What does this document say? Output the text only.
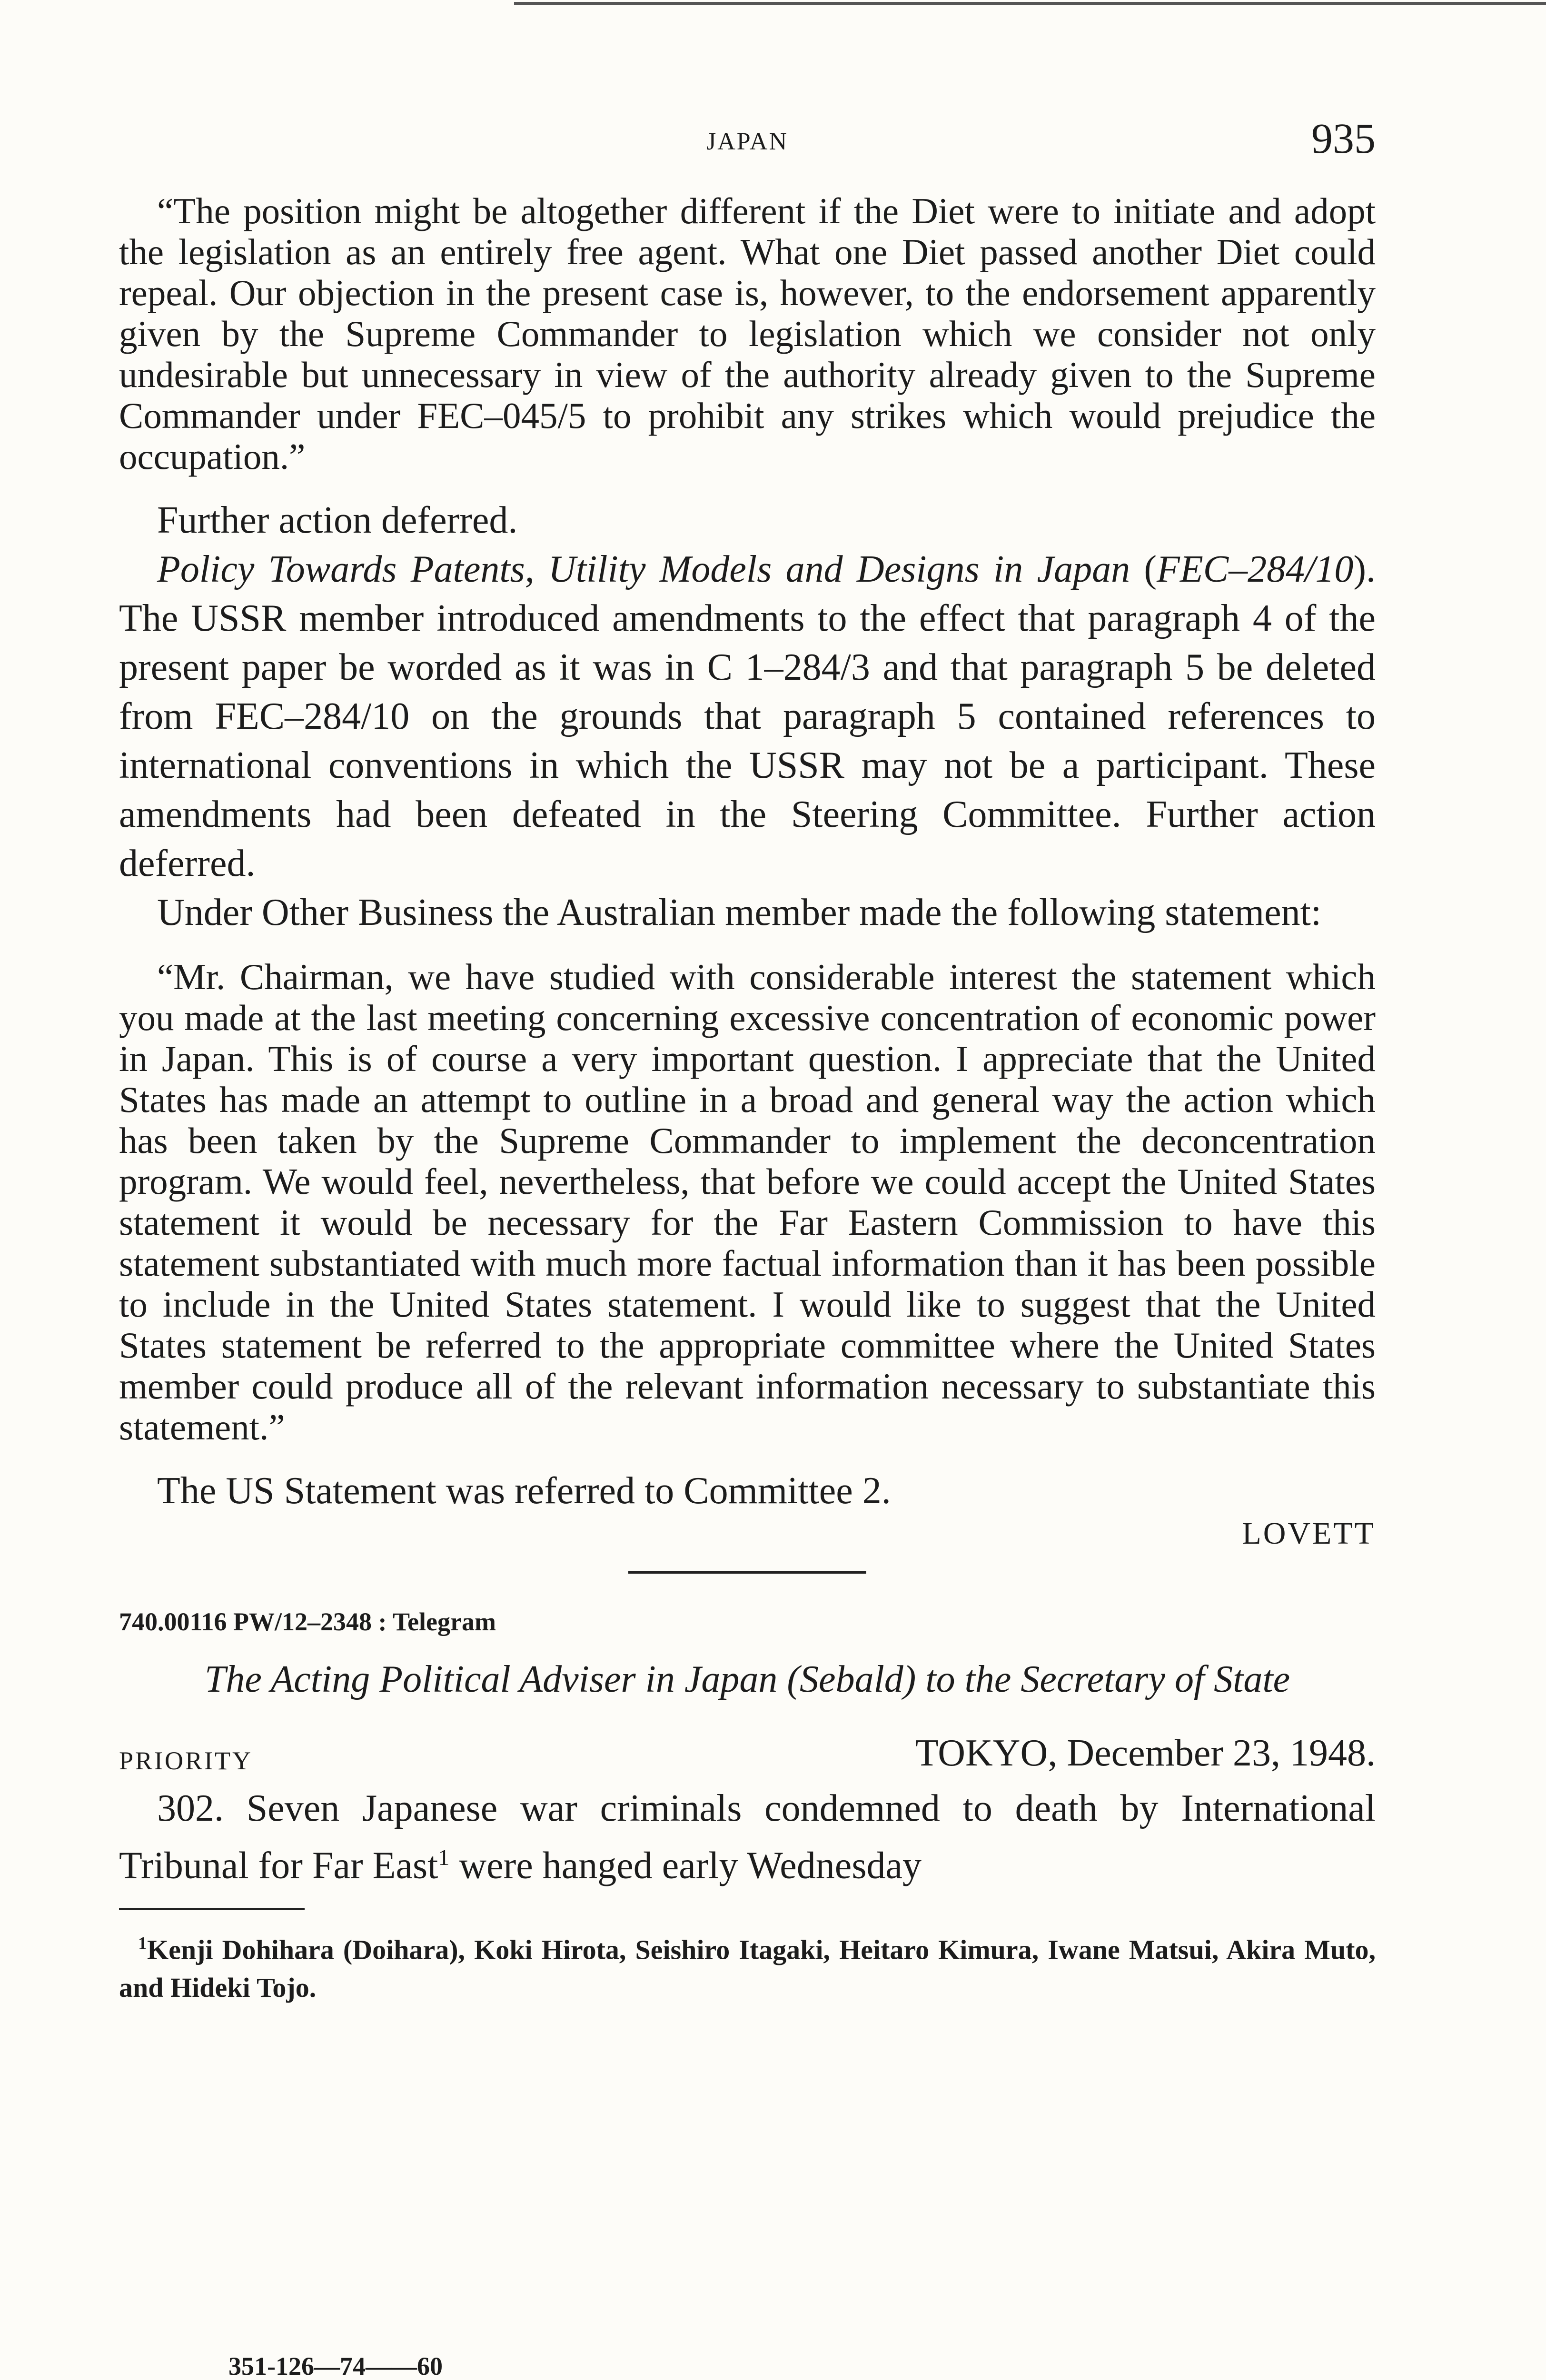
JAPAN	935

“The position might be altogether different if the Diet were to initiate and adopt the legislation as an entirely free agent. What one Diet passed another Diet could repeal. Our objection in the present case is, however, to the endorsement apparently given by the Supreme Commander to legislation which we consider not only undesirable but unnecessary in view of the authority already given to the Supreme Commander under FEC–045/5 to prohibit any strikes which would prejudice the occupation.”

Further action deferred.

Policy Towards Patents, Utility Models and Designs in Japan (FEC–284/10). The USSR member introduced amendments to the effect that paragraph 4 of the present paper be worded as it was in C 1–284/3 and that paragraph 5 be deleted from FEC–284/10 on the grounds that paragraph 5 contained references to international conventions in which the USSR may not be a participant. These amendments had been defeated in the Steering Committee. Further action deferred.

Under Other Business the Australian member made the following statement:

“Mr. Chairman, we have studied with considerable interest the statement which you made at the last meeting concerning excessive concentration of economic power in Japan. This is of course a very important question. I appreciate that the United States has made an attempt to outline in a broad and general way the action which has been taken by the Supreme Commander to implement the deconcentration program. We would feel, nevertheless, that before we could accept the United States statement it would be necessary for the Far Eastern Commission to have this statement substantiated with much more factual information than it has been possible to include in the United States statement. I would like to suggest that the United States statement be referred to the appropriate committee where the United States member could produce all of the relevant information necessary to substantiate this statement.”

The US Statement was referred to Committee 2.

LOVETT

740.00116 PW/12–2348 : Telegram

The Acting Political Adviser in Japan (Sebald) to the Secretary of State

PRIORITY	TOKYO, December 23, 1948.

302. Seven Japanese war criminals condemned to death by International Tribunal for Far East$^1$ were hanged early Wednesday

$^1$Kenji Dohihara (Doihara), Koki Hirota, Seishiro Itagaki, Heitaro Kimura, Iwane Matsui, Akira Muto, and Hideki Tojo.

351-126—74——60
